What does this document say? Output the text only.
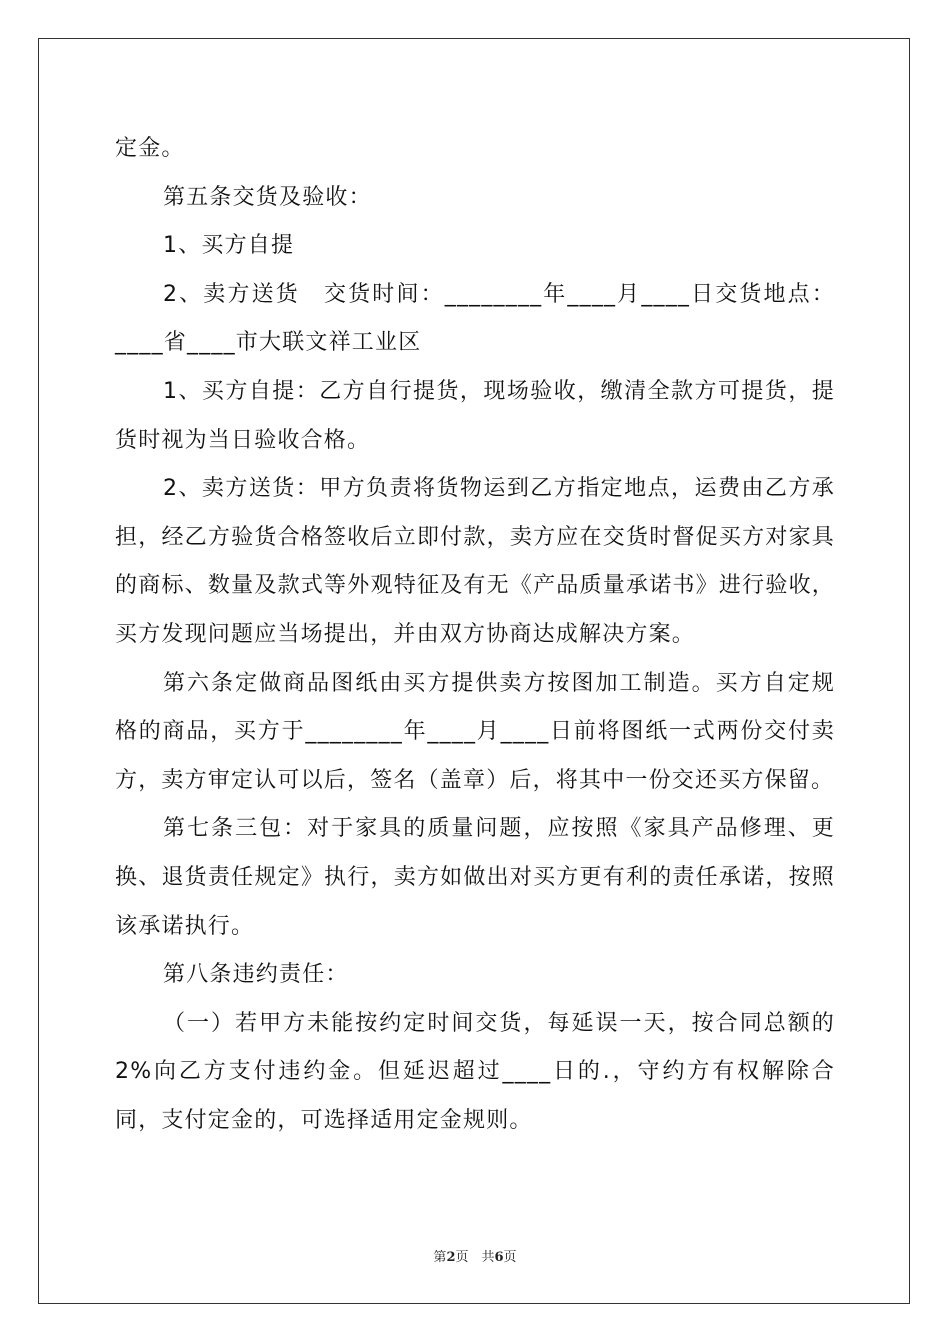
定金。

第五条交货及验收：

1、买方自提

2、卖方送货　交货时间：________年____月____日交货地点：____省____市大联文祥工业区

1、买方自提：乙方自行提货，现场验收，缴清全款方可提货，提货时视为当日验收合格。

2、卖方送货：甲方负责将货物运到乙方指定地点，运费由乙方承担，经乙方验货合格签收后立即付款，卖方应在交货时督促买方对家具的商标、数量及款式等外观特征及有无《产品质量承诺书》进行验收，买方发现问题应当场提出，并由双方协商达成解决方案。

第六条定做商品图纸由买方提供卖方按图加工制造。买方自定规格的商品，买方于________年____月____日前将图纸一式两份交付卖方，卖方审定认可以后，签名（盖章）后，将其中一份交还买方保留。

第七条三包：对于家具的质量问题，应按照《家具产品修理、更换、退货责任规定》执行，卖方如做出对买方更有利的责任承诺，按照该承诺执行。

第八条违约责任：

（一）若甲方未能按约定时间交货，每延误一天，按合同总额的2%向乙方支付违约金。但延迟超过____日的.，守约方有权解除合同，支付定金的，可选择适用定金规则。

第2页　共6页
